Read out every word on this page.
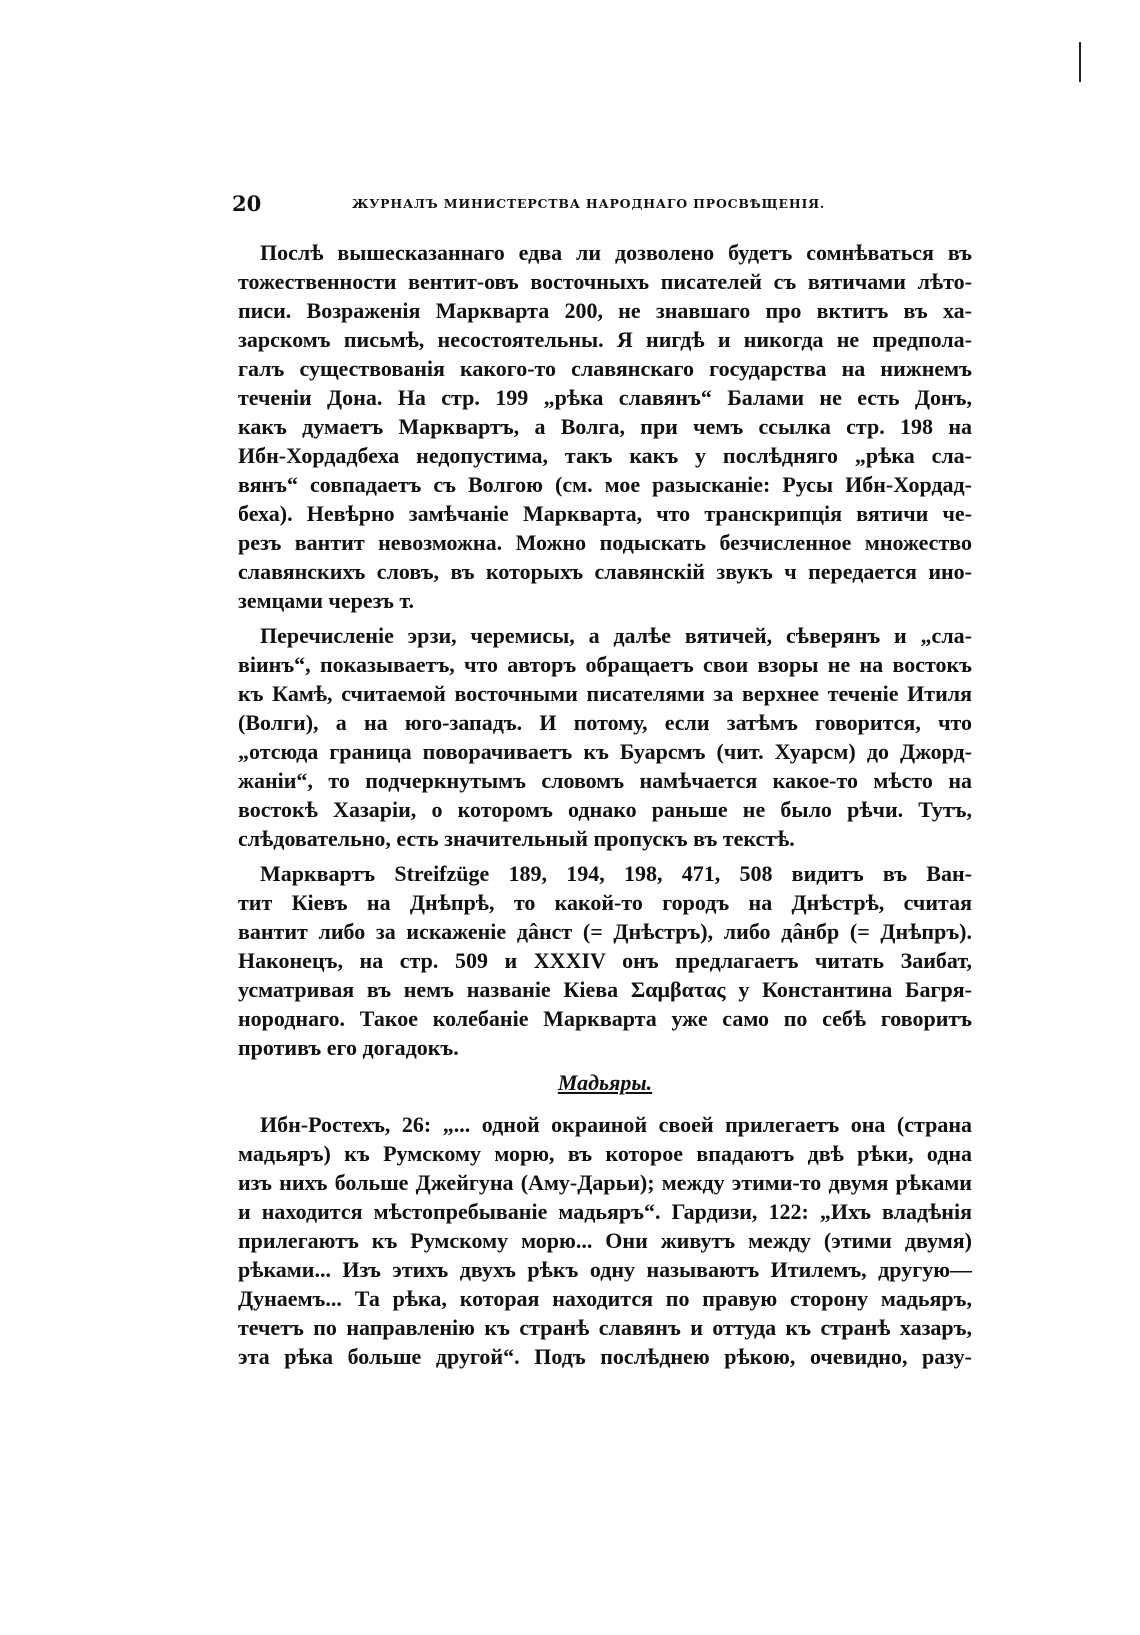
20	ЖУРНАЛЪ МИНИСТЕРСТВА НАРОДНАГО ПРОСВѢЩЕНІЯ.
Послѣ вышесказаннаго едва ли дозволено будетъ сомнѣваться въ
тожественности вентит-овъ восточныхъ писателей съ вятичами лѣто-
писи. Возраженія Маркварта 200, не знавшаго про вктитъ въ ха-
зарскомъ письмѣ, несостоятельны. Я нигдѣ и никогда не предпола-
галъ существованія какого-то славянскаго государства на нижнемъ
теченіи Дона. На стр. 199 „рѣка славянъ“ Балами не есть Донъ,
какъ думаетъ Марквартъ, а Волга, при чемъ ссылка стр. 198 на
Ибн-Хордадбеха недопустима, такъ какъ у послѣдняго „рѣка сла-
вянъ“ совпадаетъ съ Волгою (см. мое разысканіе: Русы Ибн-Хордад-
беха). Невѣрно замѣчаніе Маркварта, что транскрипція вятичи че-
резъ вантит невозможна. Можно подыскать безчисленное множество
славянскихъ словъ, въ которыхъ славянскій звукъ ч передается ино-
земцами черезъ т.
Перечисленіе эрзи, черемисы, а далѣе вятичей, сѣверянъ и „сла-
віинъ“, показываетъ, что авторъ обращаетъ свои взоры не на востокъ
къ Камѣ, считаемой восточными писателями за верхнее теченіе Итиля
(Волги), а на юго-западъ. И потому, если затѣмъ говорится, что
„отсюда граница поворачиваетъ къ Буарсмъ (чит. Хуарсм) до Джорд-
жаніи“, то подчеркнутымъ словомъ намѣчается какое-то мѣсто на
востокѣ Хазаріи, о которомъ однако раньше не было рѣчи. Тутъ,
слѣдовательно, есть значительный пропускъ въ текстѣ.
Марквартъ Streifzüge 189, 194, 198, 471, 508 видитъ въ Ван-
тит Кіевъ на Днѣпрѣ, то какой-то городъ на Днѣстрѣ, считая
вантит либо за искаженіе дâнст (= Днѣстръ), либо дâнбр (= Днѣпръ).
Наконецъ, на стр. 509 и XXXIV онъ предлагаетъ читать Заибат,
усматривая въ немъ названіе Кіева Σαμβατας у Константина Багря-
нороднаго. Такое колебаніе Маркварта уже само по себѣ говоритъ
противъ его догадокъ.
Мадьяры.
Ибн-Ростехъ, 26: „... одной окраиной своей прилегаетъ она (страна
мадьяръ) къ Румскому морю, въ которое впадаютъ двѣ рѣки, одна
изъ нихъ больше Джейгуна (Аму-Дарьи); между этими-то двумя рѣками
и находится мѣстопребываніе мадьяръ“. Гардизи, 122: „Ихъ владѣнія
прилегаютъ къ Румскому морю... Они живутъ между (этими двумя)
рѣками... Изъ этихъ двухъ рѣкъ одну называютъ Итилемъ, другую—
Дунаемъ... Та рѣка, которая находится по правую сторону мадьяръ,
течетъ по направленію къ странѣ славянъ и оттуда къ странѣ хазаръ,
эта рѣка больше другой“. Подъ послѣднею рѣкою, очевидно, разу-
